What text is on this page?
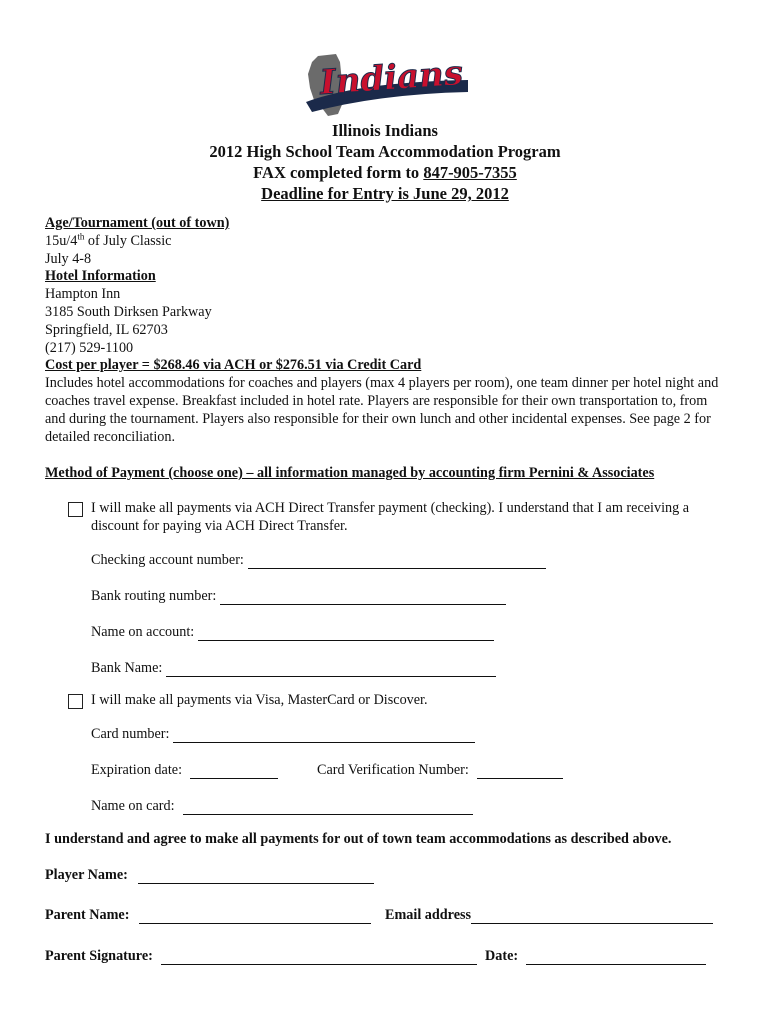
Indians
Illinois Indians
2012 High School Team Accommodation Program
FAX completed form to 847-905-7355
Deadline for Entry is June 29, 2012
Age/Tournament (out of town)
15u/4th of July Classic
July 4-8
Hotel Information
Hampton Inn
3185 South Dirksen Parkway
Springfield, IL 62703
(217) 529-1100
Cost per player = $268.46 via ACH or $276.51 via Credit Card
Includes hotel accommodations for coaches and players (max 4 players per room), one team dinner per hotel night and coaches travel expense. Breakfast included in hotel rate. Players are responsible for their own transportation to, from and during the tournament. Players also responsible for their own lunch and other incidental expenses. See page 2 for detailed reconciliation.
Method of Payment (choose one) – all information managed by accounting firm Pernini & Associates
I will make all payments via ACH Direct Transfer payment (checking). I understand that I am receiving a discount for paying via ACH Direct Transfer.
Checking account number:
Bank routing number:
Name on account:
Bank Name:
I will make all payments via Visa, MasterCard or Discover.
Card number:
Expiration date:	Card Verification Number:
Name on card:
I understand and agree to make all payments for out of town team accommodations as described above.
Player Name:
Parent Name:	Email address
Parent Signature:	Date:
